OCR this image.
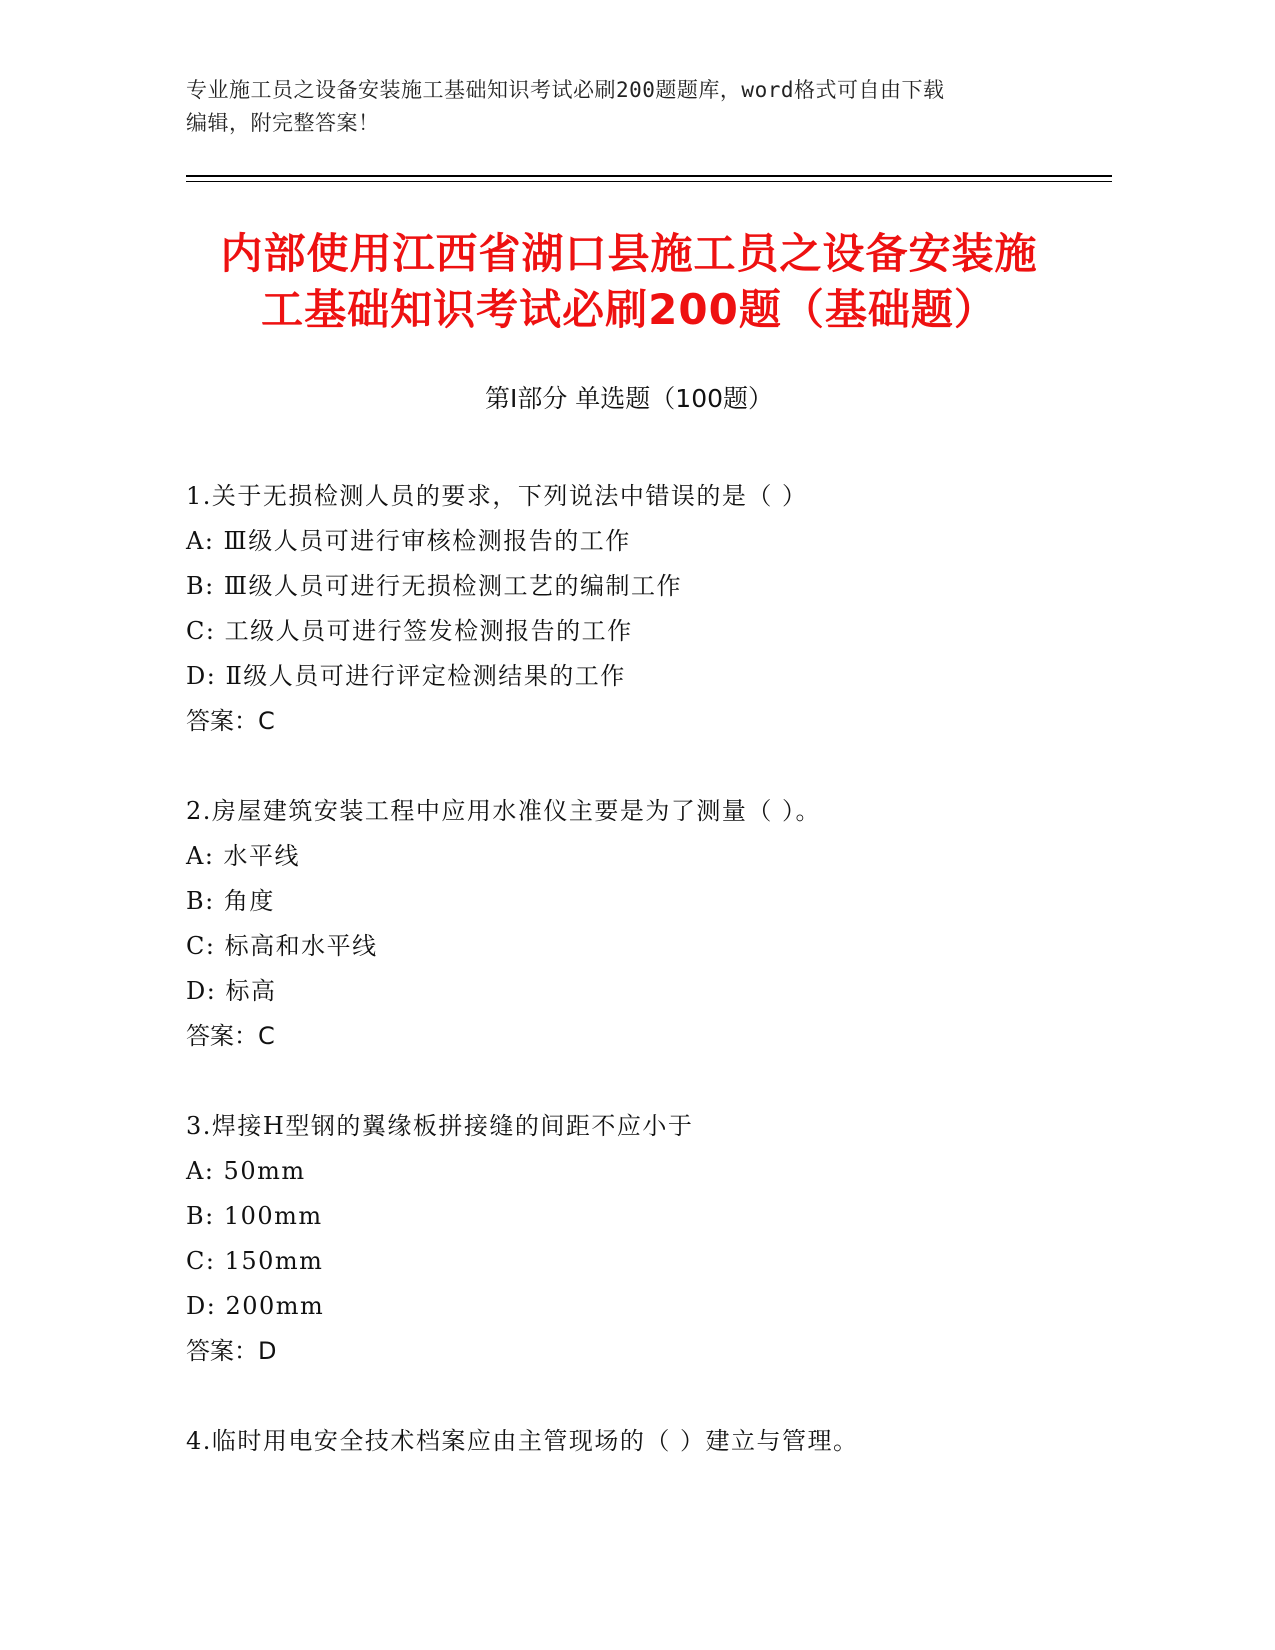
专业施工员之设备安装施工基础知识考试必刷200题题库，word格式可自由下载
编辑，附完整答案！
内部使用江西省湖口县施工员之设备安装施
工基础知识考试必刷200题（基础题）
第Ⅰ部分 单选题（100题）
1.关于无损检测人员的要求，下列说法中错误的是（ ）
A: Ⅲ级人员可进行审核检测报告的工作
B: Ⅲ级人员可进行无损检测工艺的编制工作
C: 工级人员可进行签发检测报告的工作
D: Ⅱ级人员可进行评定检测结果的工作
答案：C
2.房屋建筑安装工程中应用水准仪主要是为了测量（ ）。
A: 水平线
B: 角度
C: 标高和水平线
D: 标高
答案：C
3.焊接H型钢的翼缘板拼接缝的间距不应小于
A: 50mm
B: 100mm
C: 150mm
D: 200mm
答案：D
4.临时用电安全技术档案应由主管现场的（ ）建立与管理。
